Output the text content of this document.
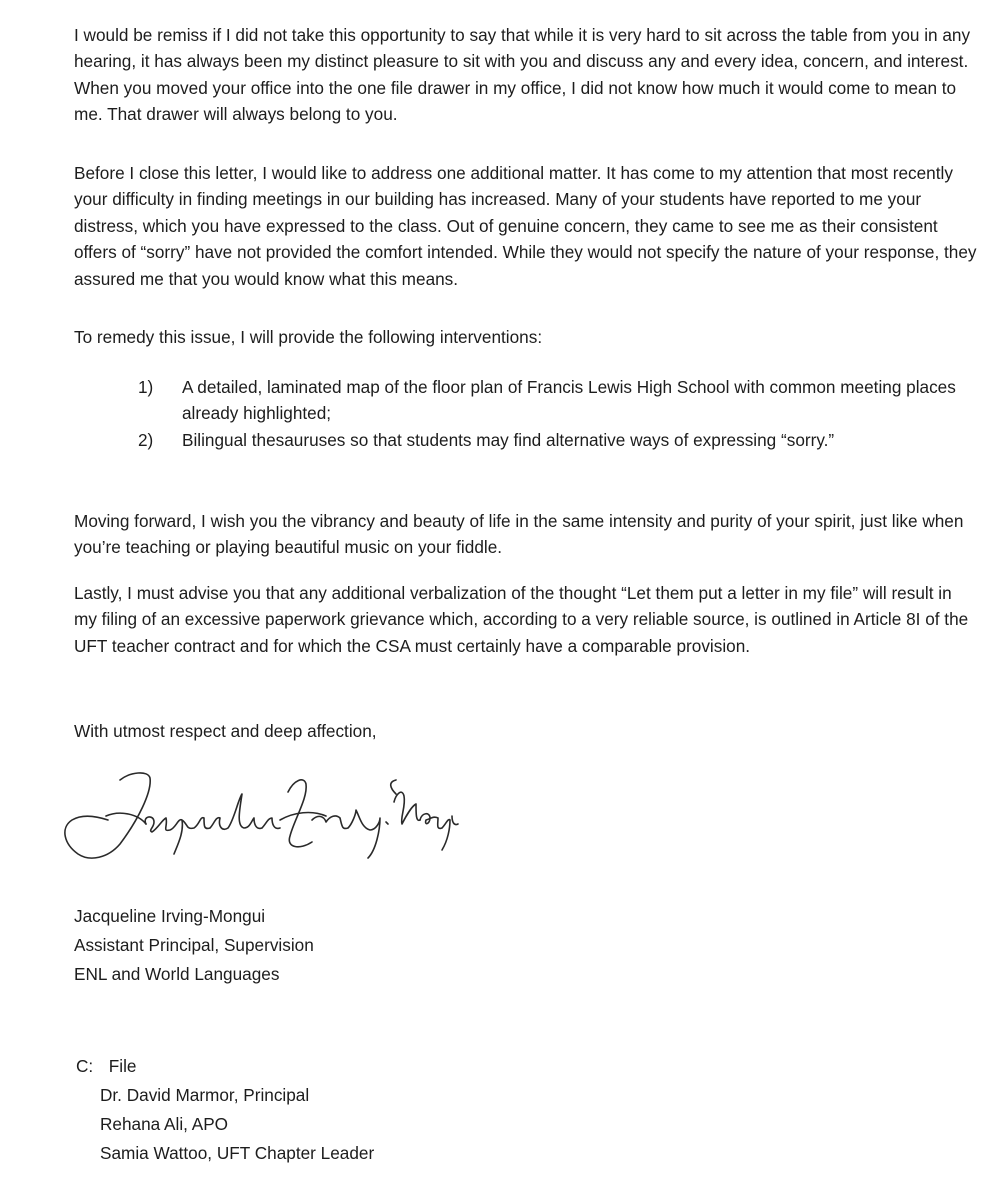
I would be remiss if I did not take this opportunity to say that while it is very hard to sit across the table from you in any hearing, it has always been my distinct pleasure to sit with you and discuss any and every idea, concern, and interest. When you moved your office into the one file drawer in my office, I did not know how much it would come to mean to me. That drawer will always belong to you.

Before I close this letter, I would like to address one additional matter. It has come to my attention that most recently your difficulty in finding meetings in our building has increased. Many of your students have reported to me your distress, which you have expressed to the class. Out of genuine concern, they came to see me as their consistent offers of “sorry” have not provided the comfort intended. While they would not specify the nature of your response, they assured me that you would know what this means.

To remedy this issue, I will provide the following interventions:

1) A detailed, laminated map of the floor plan of Francis Lewis High School with common meeting places already highlighted;
2) Bilingual thesauruses so that students may find alternative ways of expressing “sorry.”

Moving forward, I wish you the vibrancy and beauty of life in the same intensity and purity of your spirit, just like when you’re teaching or playing beautiful music on your fiddle.

Lastly, I must advise you that any additional verbalization of the thought “Let them put a letter in my file” will result in my filing of an excessive paperwork grievance which, according to a very reliable source, is outlined in Article 8I of the UFT teacher contract and for which the CSA must certainly have a comparable provision.

With utmost respect and deep affection,

Jacqueline Irving-Mongui
Assistant Principal, Supervision
ENL and World Languages
C: File
Dr. David Marmor, Principal
Rehana Ali, APO
Samia Wattoo, UFT Chapter Leader
